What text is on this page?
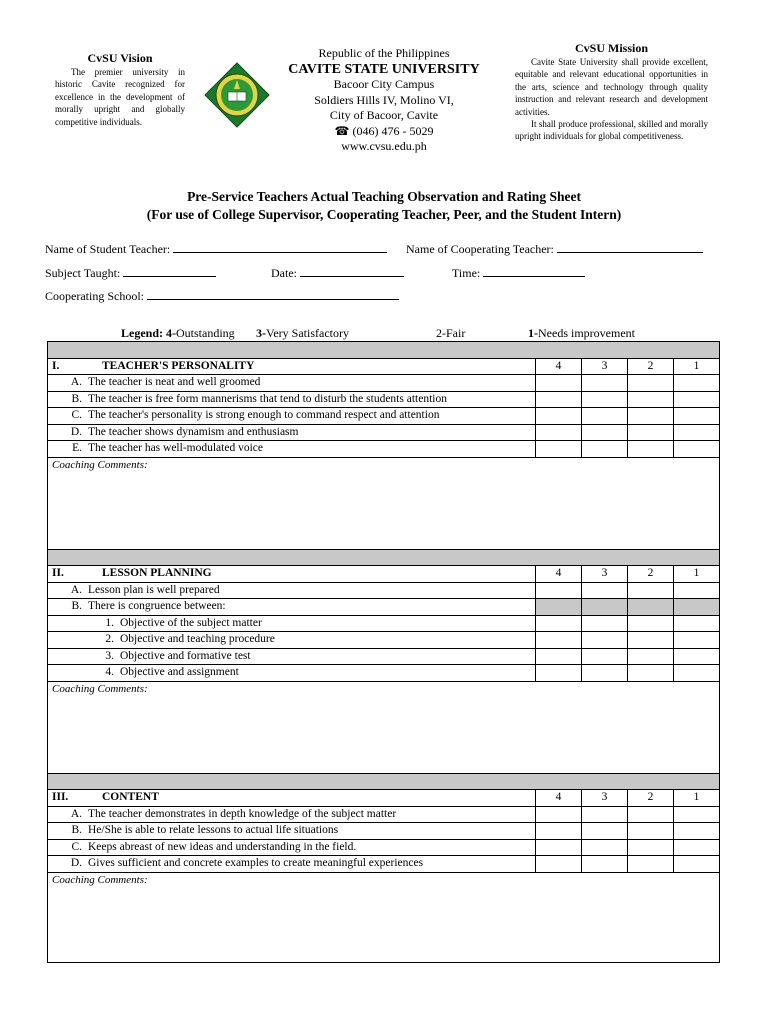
CvSU Vision

The premier university in historic Cavite recognized for excellence in the development of morally upright and globally competitive individuals.

Republic of the Philippines
CAVITE STATE UNIVERSITY
Bacoor City Campus
Soldiers Hills IV, Molino VI,
City of Bacoor, Cavite
☎ (046) 476 - 5029
www.cvsu.edu.ph
CvSU Mission

Cavite State University shall provide excellent, equitable and relevant educational opportunities in the arts, science and technology through quality instruction and relevant research and development activities.

It shall produce professional, skilled and morally upright individuals for global competitiveness.

Pre-Service Teachers Actual Teaching Observation and Rating Sheet
(For use of College Supervisor, Cooperating Teacher, Peer, and the Student Intern)
Name of Student Teacher:	Name of Cooperating Teacher:
Subject Taught:	Date:	Time:
Cooperating School:
Legend: 4-Outstanding 3-Very Satisfactory	2-Fair	1-Needs improvement

I. TEACHER'S PERSONALITY	4	3	2	1

A. The teacher is neat and well groomed				

B. The teacher is free form mannerisms that tend to disturb the students attention				

C. The teacher's personality is strong enough to command respect and attention				

D. The teacher shows dynamism and enthusiasm				

E. The teacher has well-modulated voice				

Coaching Comments:				

II. LESSON PLANNING	4	3	2	1

A. Lesson plan is well prepared				

B. There is congruence between:				

1. Objective of the subject matter				

2. Objective and teaching procedure				

3. Objective and formative test				

4. Objective and assignment				

Coaching Comments:				

III. CONTENT	4	3	2	1

A. The teacher demonstrates in depth knowledge of the subject matter				

B. He/She is able to relate lessons to actual life situations				

C. Keeps abreast of new ideas and understanding in the field.				

D. Gives sufficient and concrete examples to create meaningful experiences				

Coaching Comments:				
